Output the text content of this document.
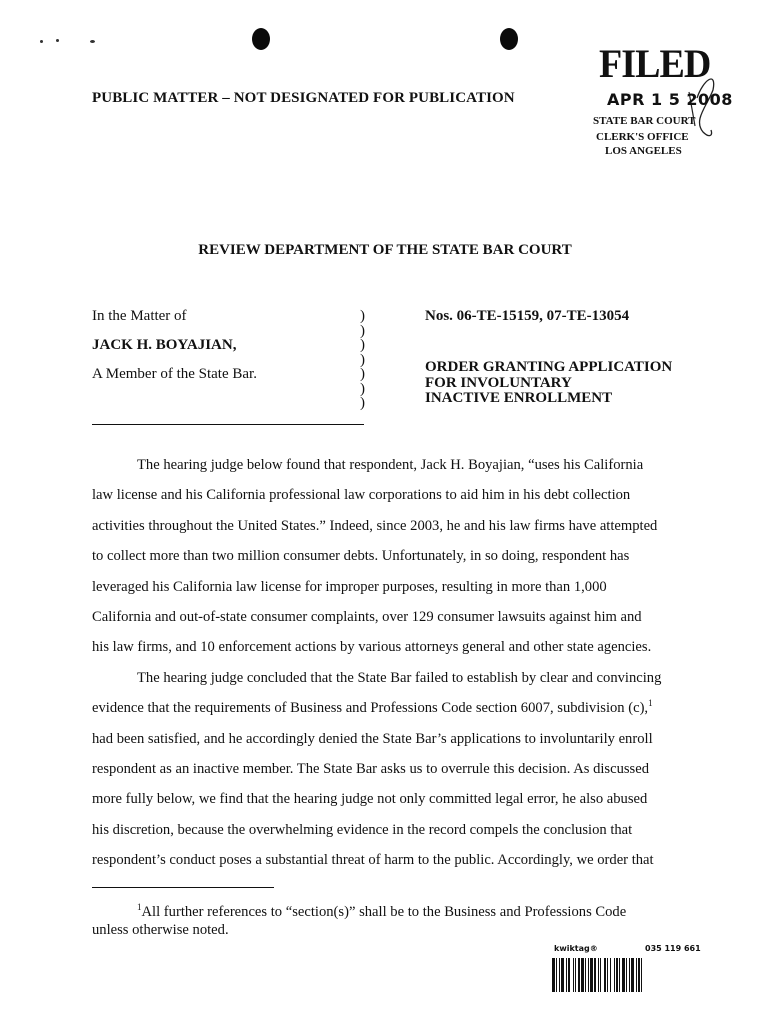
PUBLIC MATTER – NOT DESIGNATED FOR PUBLICATION
FILED
APR 1 5 2008
STATE BAR COURT
CLERK'S OFFICE
LOS ANGELES
REVIEW DEPARTMENT OF THE STATE BAR COURT
In the Matter of
JACK H. BOYAJIAN,
A Member of the State Bar.
)
)
)
)
)
)
)
Nos. 06-TE-15159, 07-TE-13054
ORDER GRANTING APPLICATION
FOR INVOLUNTARY
INACTIVE ENROLLMENT

The hearing judge below found that respondent, Jack H. Boyajian, “uses his California

law license and his California professional law corporations to aid him in his debt collection

activities throughout the United States.” Indeed, since 2003, he and his law firms have attempted

to collect more than two million consumer debts. Unfortunately, in so doing, respondent has

leveraged his California law license for improper purposes, resulting in more than 1,000

California and out-of-state consumer complaints, over 129 consumer lawsuits against him and

his law firms, and 10 enforcement actions by various attorneys general and other state agencies.

The hearing judge concluded that the State Bar failed to establish by clear and convincing

evidence that the requirements of Business and Professions Code section 6007, subdivision (c),$^1$

had been satisfied, and he accordingly denied the State Bar’s applications to involuntarily enroll

respondent as an inactive member. The State Bar asks us to overrule this decision. As discussed

more fully below, we find that the hearing judge not only committed legal error, he also abused

his discretion, because the overwhelming evidence in the record compels the conclusion that

respondent’s conduct poses a substantial threat of harm to the public. Accordingly, we order that

$^1$All further references to “section(s)” shall be to the Business and Professions Code
unless otherwise noted.
kwiktag®	035 119 661
